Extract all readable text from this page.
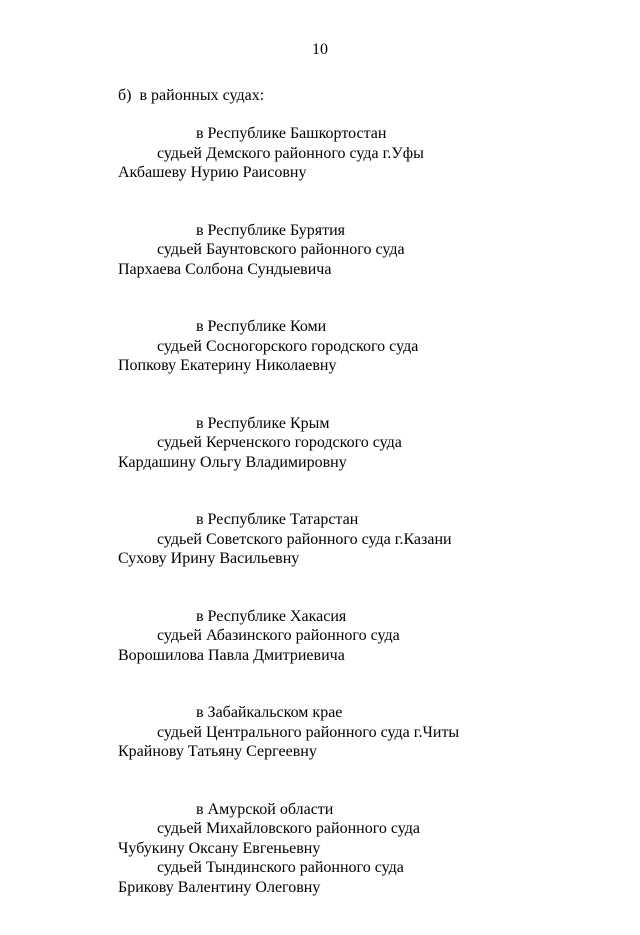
10
б)  в районных судах:
в Республике Башкортостан
судьей Демского районного суда г.Уфы
Акбашеву Нурию Раисовну
в Республике Бурятия
судьей Баунтовского районного суда
Пархаева Солбона Сундыевича
в Республике Коми
судьей Сосногорского городского суда
Попкову Екатерину Николаевну
в Республике Крым
судьей Керченского городского суда
Кардашину Ольгу Владимировну
в Республике Татарстан
судьей Советского районного суда г.Казани
Сухову Ирину Васильевну
в Республике Хакасия
судьей Абазинского районного суда
Ворошилова Павла Дмитриевича
в Забайкальском крае
судьей Центрального районного суда г.Читы
Крайнову Татьяну Сергеевну
в Амурской области
судьей Михайловского районного суда
Чубукину Оксану Евгеньевну
судьей Тындинского районного суда
Брикову Валентину Олеговну
